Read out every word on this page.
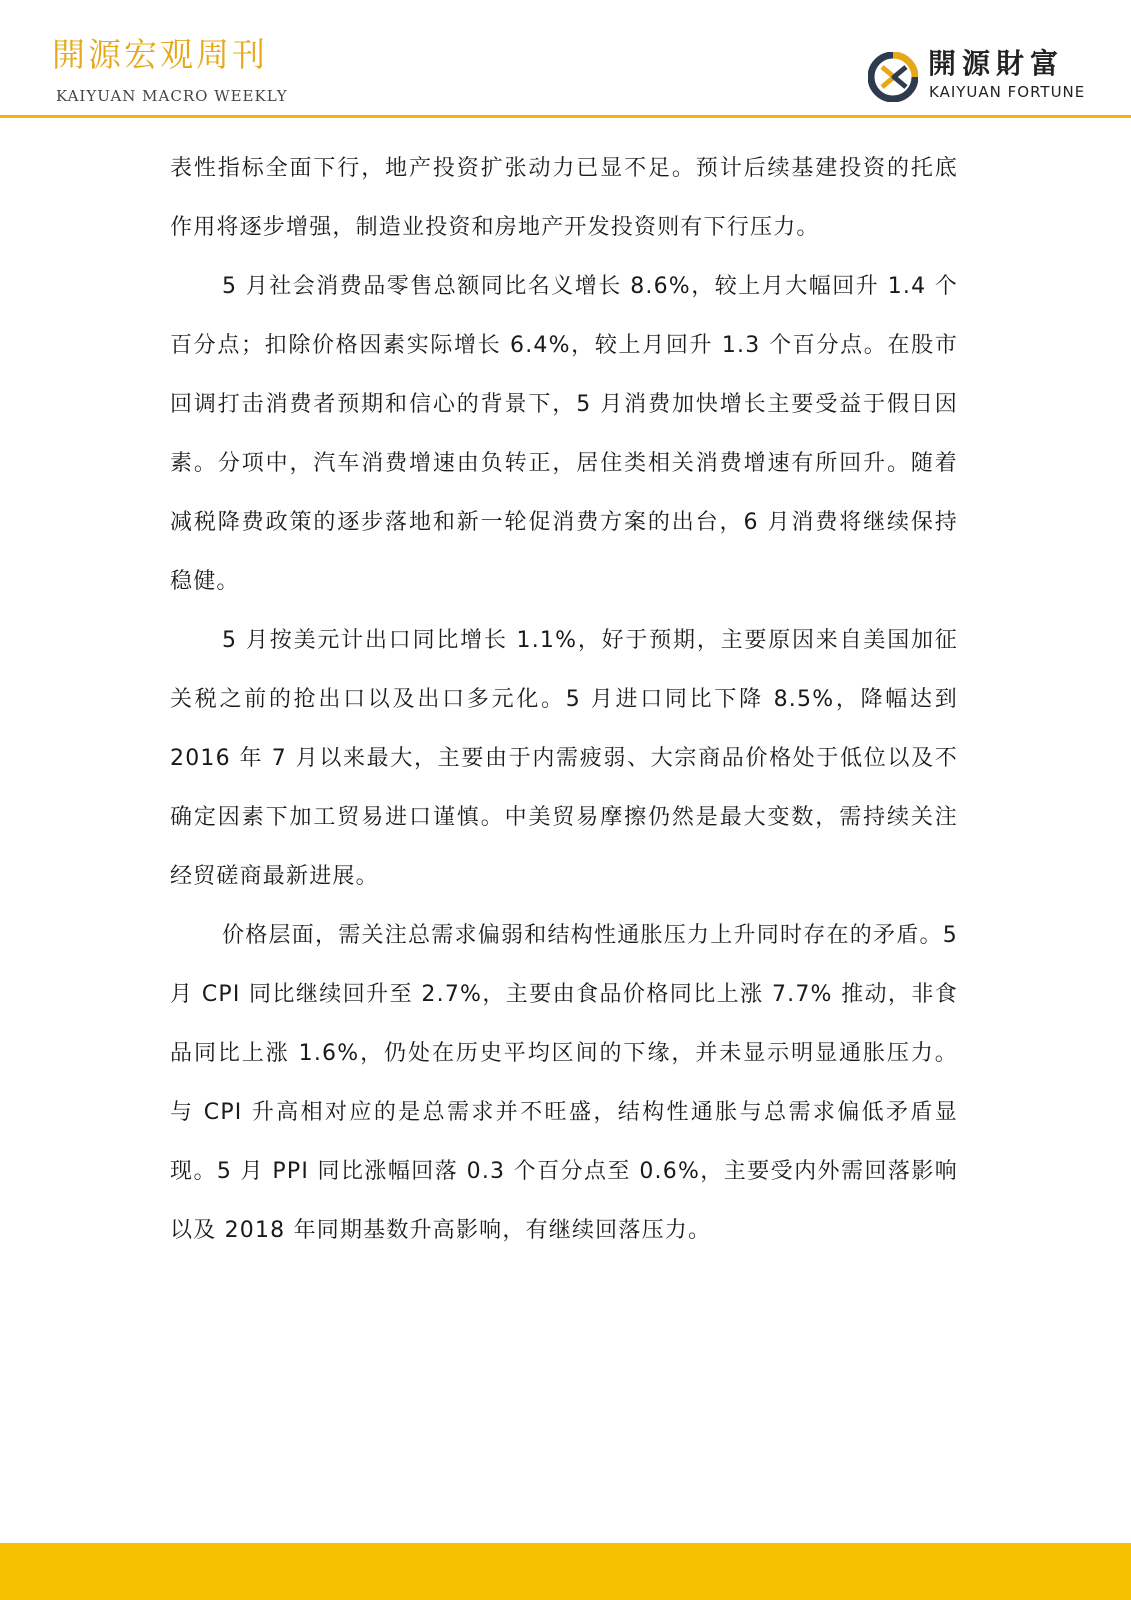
開源宏观周刊
KAIYUAN MACRO WEEKLY
開源財富
KAIYUAN FORTUNE

表性指标全面下行，地产投资扩张动力已显不足。预计后续基建投资的托底作用将逐步增强，制造业投资和房地产开发投资则有下行压力。

5 月社会消费品零售总额同比名义增长 8.6%，较上月大幅回升 1.4 个百分点；扣除价格因素实际增长 6.4%，较上月回升 1.3 个百分点。在股市回调打击消费者预期和信心的背景下，5 月消费加快增长主要受益于假日因素。分项中，汽车消费增速由负转正，居住类相关消费增速有所回升。随着减税降费政策的逐步落地和新一轮促消费方案的出台，6 月消费将继续保持稳健。

5 月按美元计出口同比增长 1.1%，好于预期，主要原因来自美国加征关税之前的抢出口以及出口多元化。5 月进口同比下降 8.5%，降幅达到 2016 年 7 月以来最大，主要由于内需疲弱、大宗商品价格处于低位以及不确定因素下加工贸易进口谨慎。中美贸易摩擦仍然是最大变数，需持续关注经贸磋商最新进展。

价格层面，需关注总需求偏弱和结构性通胀压力上升同时存在的矛盾。5 月 CPI 同比继续回升至 2.7%，主要由食品价格同比上涨 7.7% 推动，非食品同比上涨 1.6%，仍处在历史平均区间的下缘，并未显示明显通胀压力。与 CPI 升高相对应的是总需求并不旺盛，结构性通胀与总需求偏低矛盾显现。5 月 PPI 同比涨幅回落 0.3 个百分点至 0.6%，主要受内外需回落影响以及 2018 年同期基数升高影响，有继续回落压力。
